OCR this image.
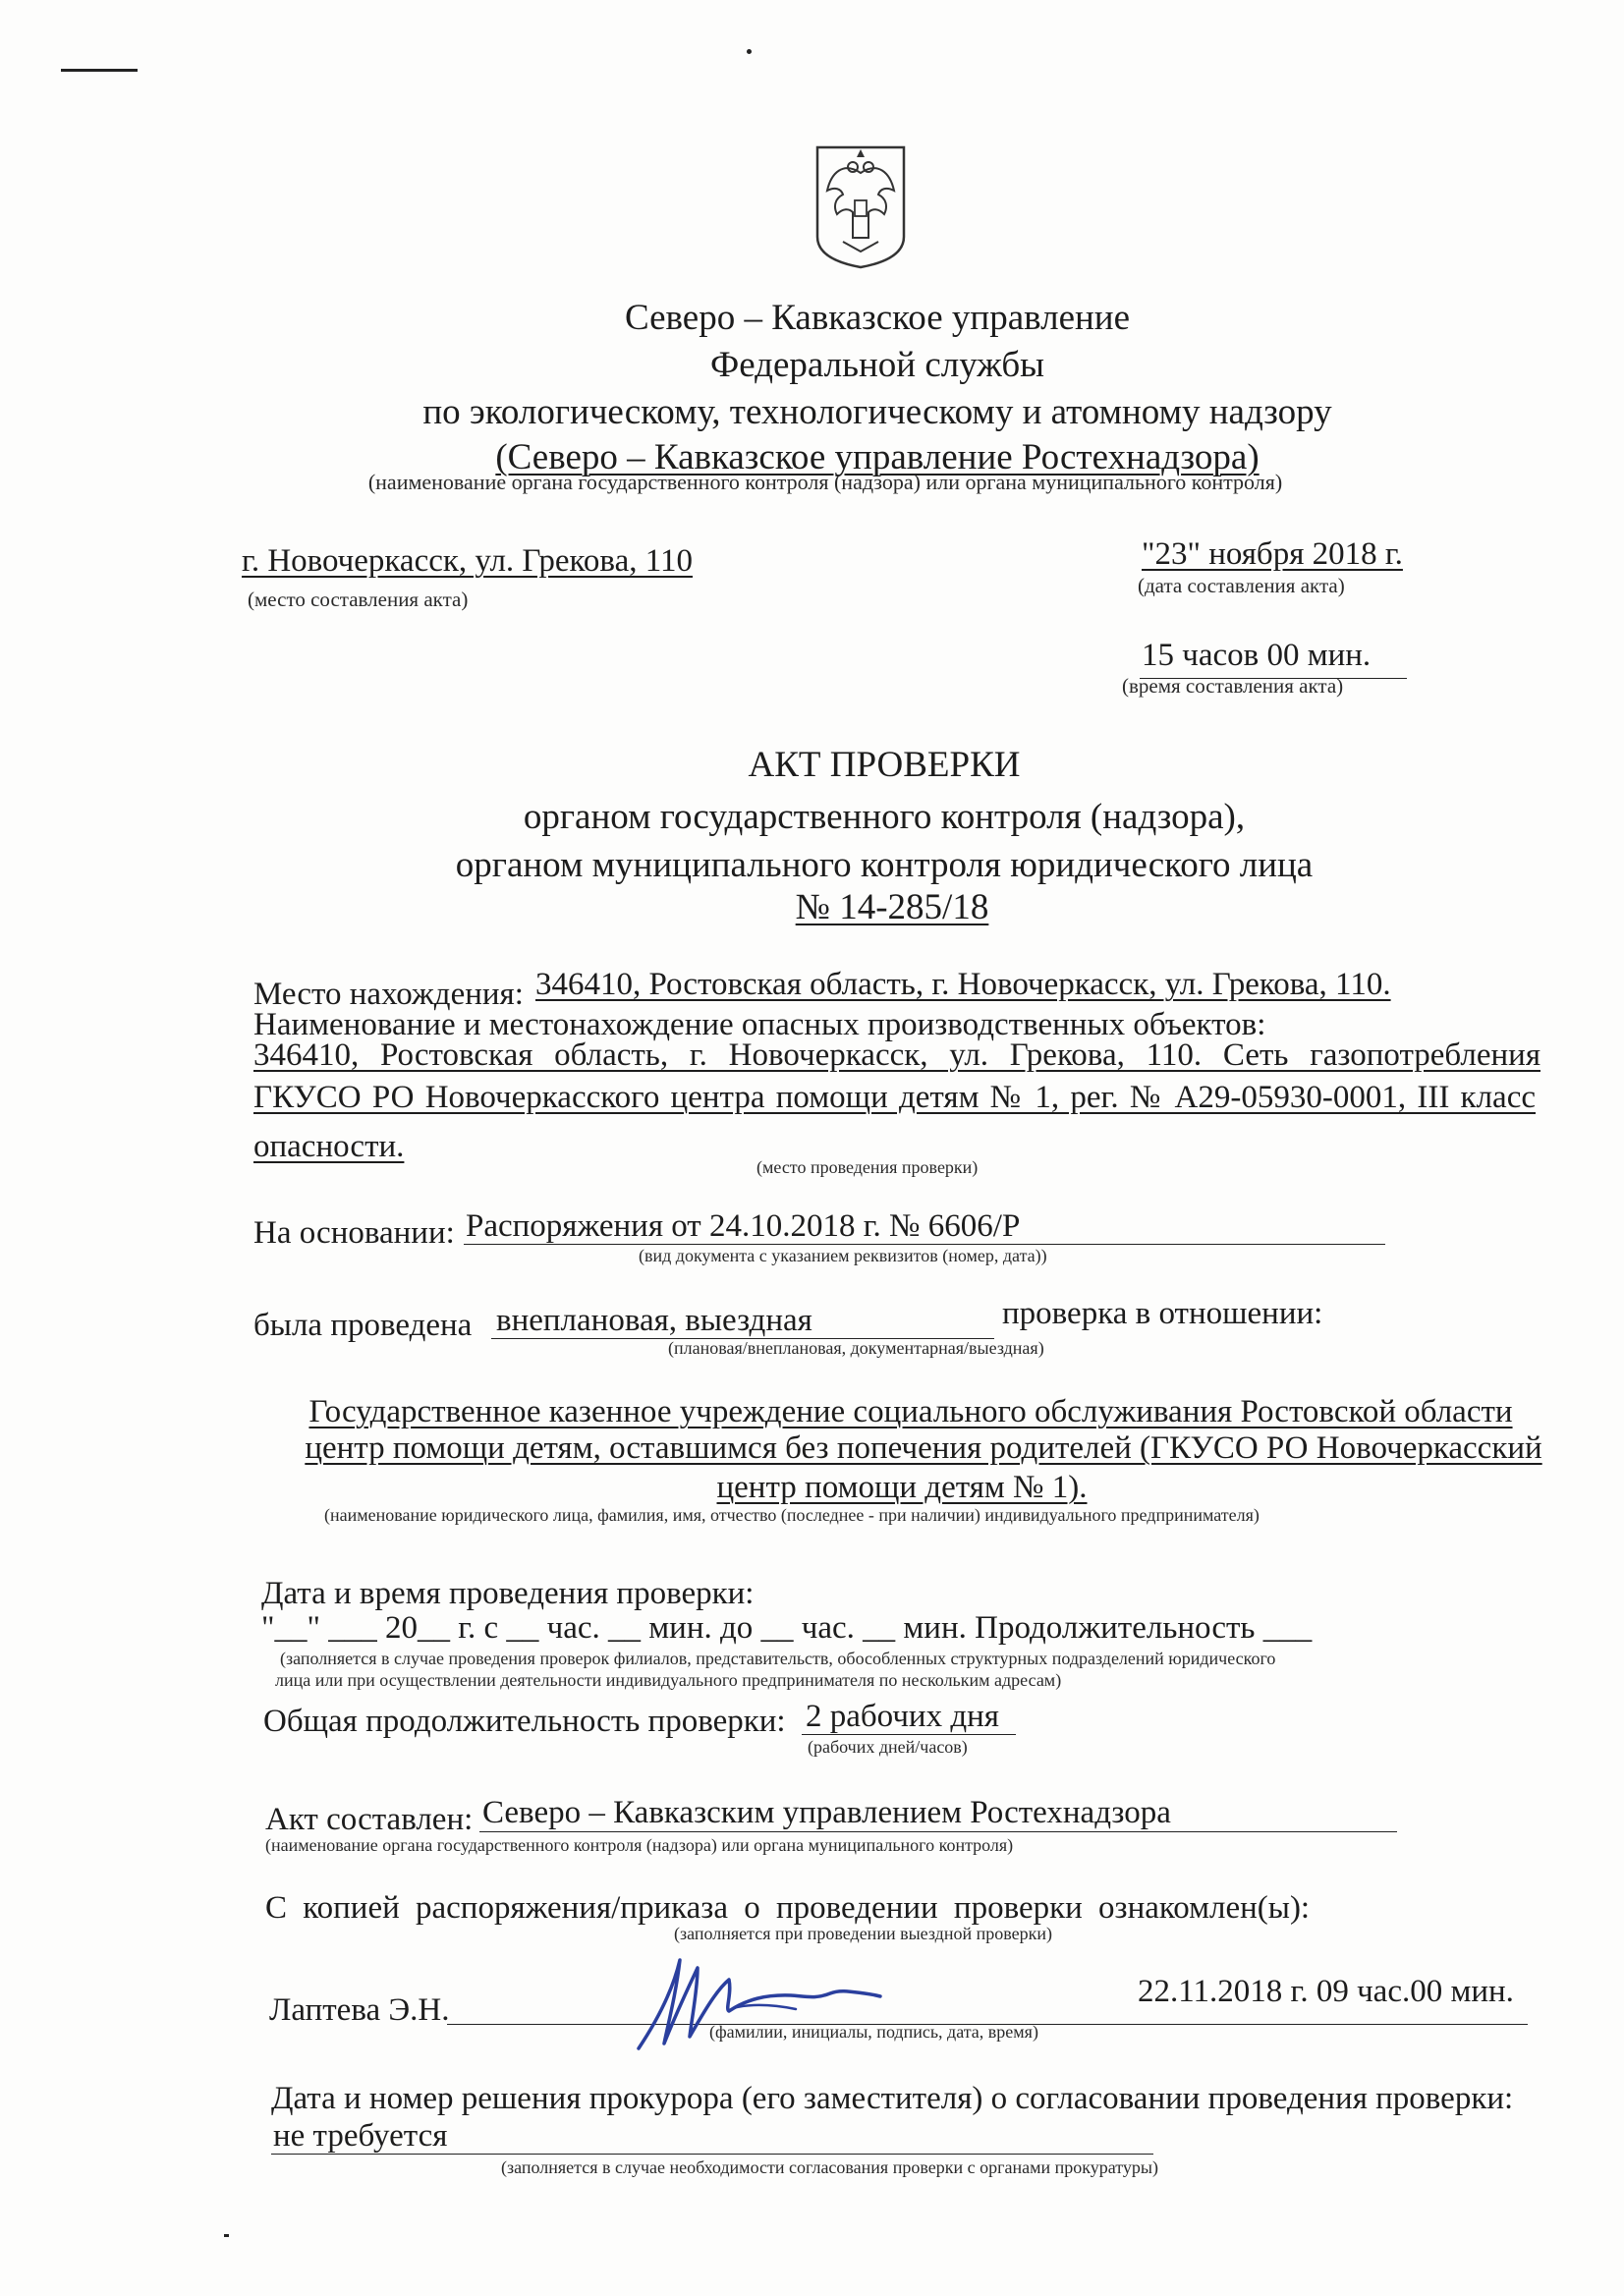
Северо – Кавказское управление
Федеральной службы
по экологическому, технологическому и атомному надзору
(Северо – Кавказское управление Ростехнадзора)
(наименование органа государственного контроля (надзора) или органа муниципального контроля)
г. Новочеркасск, ул. Грекова, 110
(место составления акта)
"23" ноября 2018 г.
(дата составления акта)
15 часов 00 мин.
(время составления акта)
АКТ ПРОВЕРКИ
органом государственного контроля (надзора),
органом муниципального контроля юридического лица
№ 14-285/18
Место нахождения: 346410, Ростовская область, г. Новочеркасск, ул. Грекова, 110.
Наименование и местонахождение опасных производственных объектов:
346410, Ростовская область, г. Новочеркасск, ул. Грекова, 110. Сеть газопотребления
ГКУСО РО Новочеркасского центра помощи детям № 1, рег. № А29-05930-0001, III класс
опасности.
(место проведения проверки)
На основании: Распоряжения от 24.10.2018 г. № 6606/Р
(вид документа с указанием реквизитов (номер, дата))
была проведена внеплановая, выездная	проверка в отношении:
(плановая/внеплановая, документарная/выездная)
Государственное казенное учреждение социального обслуживания Ростовской области
центр помощи детям, оставшимся без попечения родителей (ГКУСО РО Новочеркасский
центр помощи детям № 1).
(наименование юридического лица, фамилия, имя, отчество (последнее - при наличии) индивидуального предпринимателя)
Дата и время проведения проверки:
"__" ___ 20__ г. с __ час. __ мин. до __ час. __ мин. Продолжительность ___
(заполняется в случае проведения проверок филиалов, представительств, обособленных структурных подразделений юридического
лица или при осуществлении деятельности индивидуального предпринимателя по нескольким адресам)
Общая продолжительность проверки: 2 рабочих дня
(рабочих дней/часов)
Акт составлен: Северо – Кавказским управлением Ростехнадзора
(наименование органа государственного контроля (надзора) или органа муниципального контроля)
С копией распоряжения/приказа о проведении проверки ознакомлен(ы):
(заполняется при проведении выездной проверки)
Лаптева Э.Н.
22.11.2018 г. 09 час.00 мин.
(фамилии, инициалы, подпись, дата, время)
Дата и номер решения прокурора (его заместителя) о согласовании проведения проверки:
не требуется
(заполняется в случае необходимости согласования проверки с органами прокуратуры)
